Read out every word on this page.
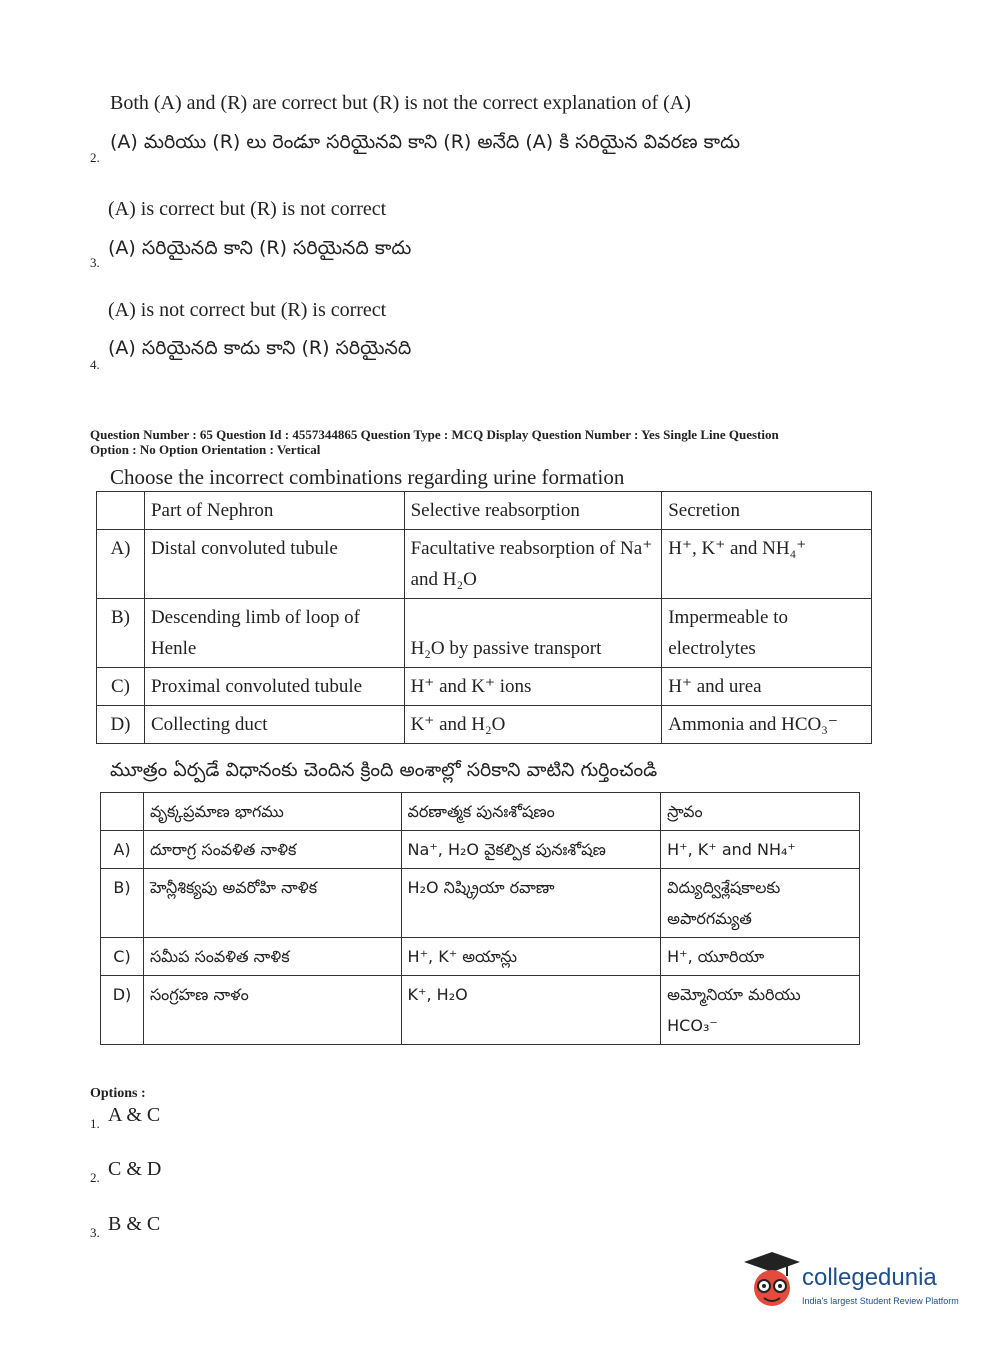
Both (A) and (R) are correct but (R) is not the correct explanation of (A)
(A) మరియు (R) లు రెండూ సరియైనవి కాని (R) అనేది (A) కి సరియైన వివరణ కాదు
2.
(A) is correct but (R) is not correct
(A) సరియైనది కాని (R) సరియైనది కాదు
3.
(A) is not correct but (R) is correct
(A) సరియైనది కాదు కాని (R) సరియైనది
4.
Question Number : 65 Question Id : 4557344865 Question Type : MCQ Display Question Number : Yes Single Line Question
Option : No Option Orientation : Vertical
Choose the incorrect combinations regarding urine formation
	Part of Nephron	Selective reabsorption	Secretion
A)	Distal convoluted tubule	Facultative reabsorption of Na⁺ and H₂O	H⁺, K⁺ and NH₄⁺
B)	Descending limb of loop of Henle	H₂O by passive transport	Impermeable to electrolytes
C)	Proximal convoluted tubule	H⁺ and K⁺ ions	H⁺ and urea
D)	Collecting duct	K⁺ and H₂O	Ammonia and HCO₃⁻
మూత్రం ఏర్పడే విధానంకు చెందిన క్రింది అంశాల్లో సరికాని వాటిని గుర్తించండి
	వృక్కప్రమాణ భాగము	వరణాత్మక పునఃశోషణం	స్రావం
A)	దూరాగ్ర సంవళిత నాళిక	Na⁺, H₂O వైకల్పిక పునఃశోషణ	H⁺, K⁺ and NH₄⁺
B)	హెన్లీశిక్యపు అవరోహి నాళిక	H₂O నిష్క్రియా రవాణా	విద్యుద్విశ్లేషకాలకు అపారగమ్యత
C)	సమీప సంవళిత నాళిక	H⁺, K⁺ అయాన్లు	H⁺, యూరియా
D)	సంగ్రహణ నాళం	K⁺, H₂O	అమ్మోనియా మరియు HCO₃⁻
Options :
1. A & C
2. C & D
3. B & C
collegedunia
India's largest Student Review Platform
